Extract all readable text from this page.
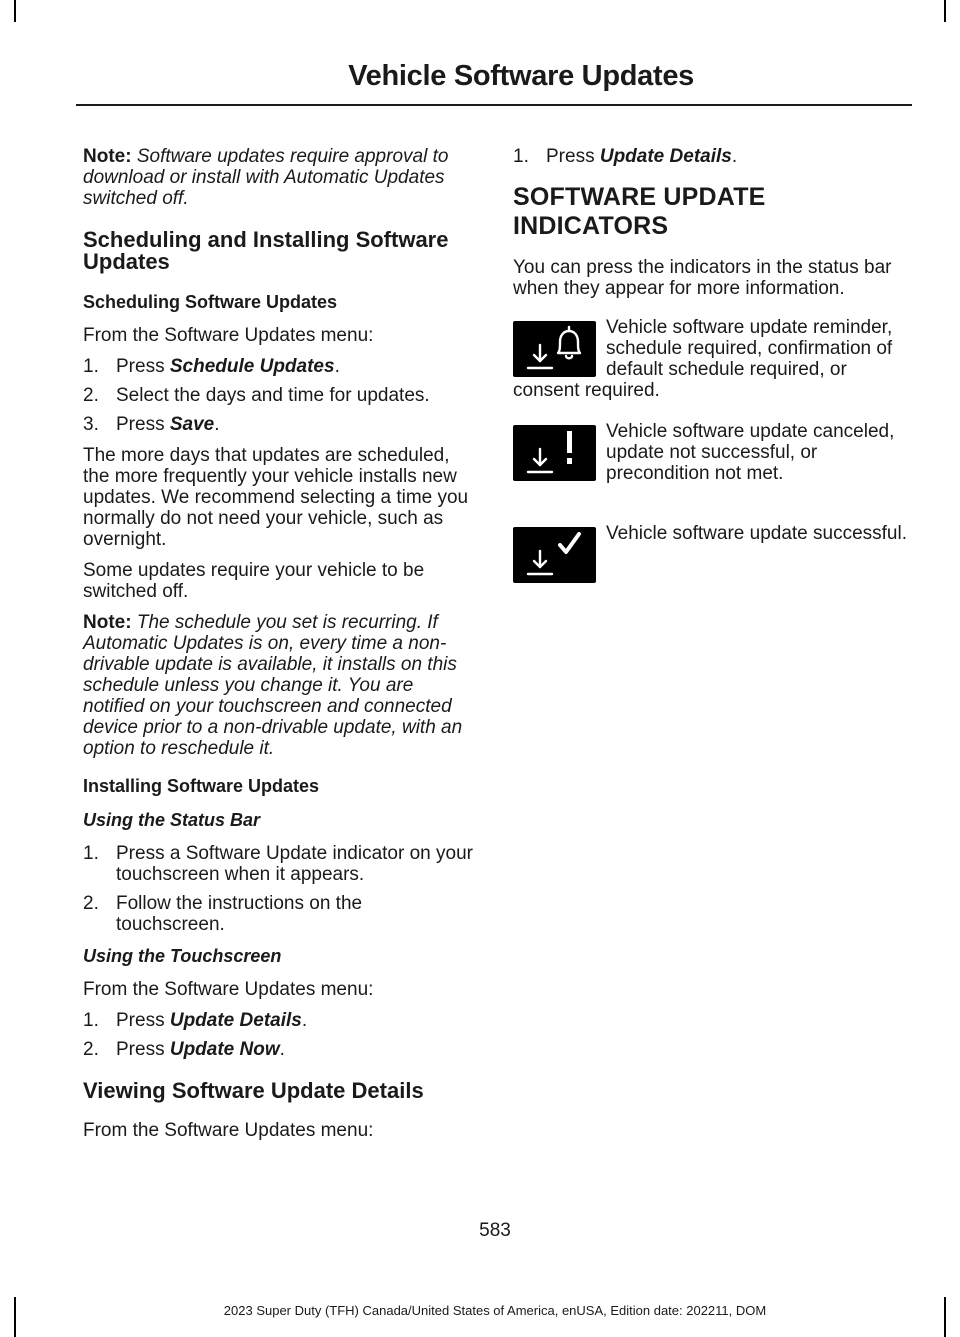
Vehicle Software Updates

Note: Software updates require approval to download or install with Automatic Updates switched off.

Scheduling and Installing Software Updates
Scheduling Software Updates

From the Software Updates menu:

1. Press Schedule Updates.
2. Select the days and time for updates.
3. Press Save.

The more days that updates are scheduled, the more frequently your vehicle installs new updates. We recommend selecting a time you normally do not need your vehicle, such as overnight.

Some updates require your vehicle to be switched off.

Note: The schedule you set is recurring. If Automatic Updates is on, every time a non-drivable update is available, it installs on this schedule unless you change it. You are notified on your touchscreen and connected device prior to a non-drivable update, with an option to reschedule it.

Installing Software Updates
Using the Status Bar
1. Press a Software Update indicator on your touchscreen when it appears.
2. Follow the instructions on the touchscreen.
Using the Touchscreen

From the Software Updates menu:

1. Press Update Details.
2. Press Update Now.
Viewing Software Update Details

From the Software Updates menu:

1. Press Update Details.
SOFTWARE UPDATE INDICATORS

You can press the indicators in the status bar when they appear for more information.

Vehicle software update reminder, schedule required, confirmation of default schedule required, or consent required.
Vehicle software update canceled, update not successful, or precondition not met.
Vehicle software update successful.
583
2023 Super Duty (TFH) Canada/United States of America, enUSA, Edition date: 202211, DOM
